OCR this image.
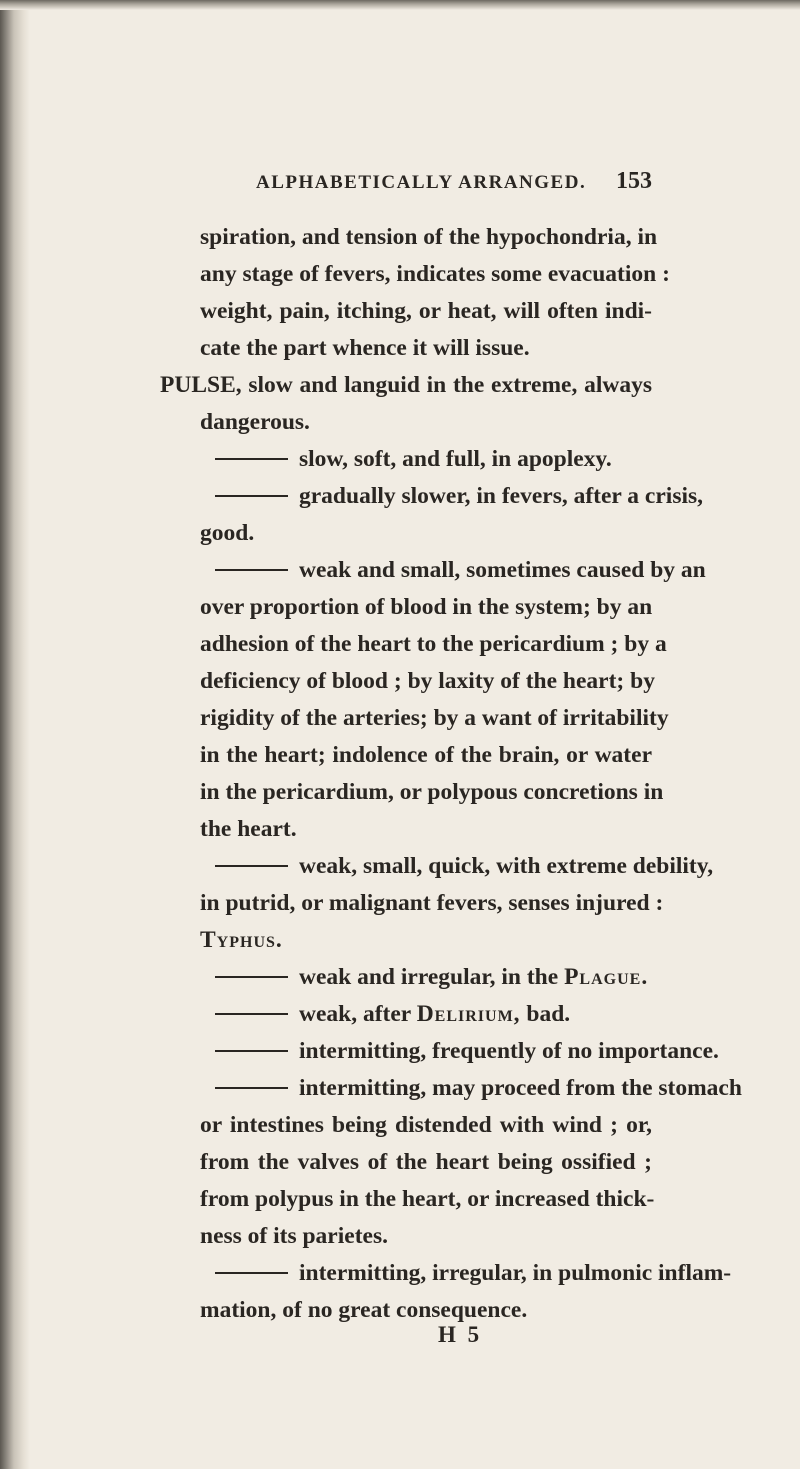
ALPHABETICALLY ARRANGED. 153
spiration, and tension of the hypochondria, in
any stage of fevers, indicates some evacuation :
weight, pain, itching, or heat, will often indi-
cate the part whence it will issue.
PULSE, slow and languid in the extreme, always
dangerous.
slow, soft, and full, in apoplexy.
gradually slower, in fevers, after a crisis,
good.
weak and small, sometimes caused by an
over proportion of blood in the system; by an
adhesion of the heart to the pericardium ; by a
deficiency of blood ; by laxity of the heart; by
rigidity of the arteries; by a want of irritability
in the heart; indolence of the brain, or water
in the pericardium, or polypous concretions in
the heart.
weak, small, quick, with extreme debility,
in putrid, or malignant fevers, senses injured :
Typhus.
weak and irregular, in the Plague.
weak, after Delirium, bad.
intermitting, frequently of no importance.
intermitting, may proceed from the stomach
or intestines being distended with wind ; or,
from the valves of the heart being ossified ;
from polypus in the heart, or increased thick-
ness of its parietes.
intermitting, irregular, in pulmonic inflam-
mation, of no great consequence.
H 5
